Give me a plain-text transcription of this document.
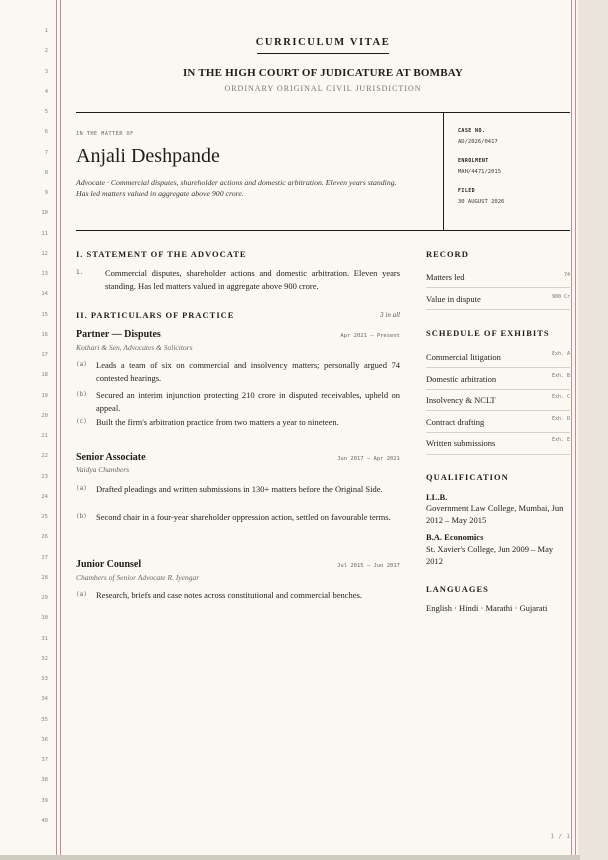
1
2
3
4
5
6
7
8
9
10
11
12
13
14
15
16
17
18
19
20
21
22
23
24
25
26
27
28
29
30
31
32
33
34
35
36
37
38
39
40
CURRICULUM VITAE
IN THE HIGH COURT OF JUDICATURE AT BOMBAY
ORDINARY ORIGINAL CIVIL JURISDICTION
IN THE MATTER OF
Anjali Deshpande
Advocate · Commercial disputes, shareholder actions and domestic arbitration. Eleven years standing. Has led matters valued in aggregate above 900 crore.
CASE NO.
AD/2026/0417
ENROLMENT
MAH/4471/2015
FILED
30 AUGUST 2026
I. STATEMENT OF THE ADVOCATE
1.	Commercial disputes, shareholder actions and domestic arbitration. Eleven years standing. Has led matters valued in aggregate above 900 crore.
II. PARTICULARS OF PRACTICE	3 in all
Partner — Disputes
Kothari & Sen, Advocates & Solicitors
Apr 2021 – Present
(a) Leads a team of six on commercial and insolvency matters; personally argued 74 contested hearings.
(b) Secured an interim injunction protecting 210 crore in disputed receivables, upheld on appeal.
(c) Built the firm's arbitration practice from two matters a year to nineteen.
Senior Associate
Vaidya Chambers
Jun 2017 – Apr 2021
(a) Drafted pleadings and written submissions in 130+ matters before the Original Side.
(b) Second chair in a four-year shareholder oppression action, settled on favourable terms.
Junior Counsel
Chambers of Senior Advocate R. Iyengar
Jul 2015 – Jun 2017
(a) Research, briefs and case notes across constitutional and commercial benches.
RECORD
Matters led	74
Value in dispute	900 Cr
SCHEDULE OF EXHIBITS
Commercial litigation	Exh. A
Domestic arbitration	Exh. B
Insolvency & NCLT	Exh. C
Contract drafting	Exh. D
Written submissions	Exh. E
QUALIFICATION
LL.B.
Government Law College, Mumbai, Jun 2012 – May 2015
B.A. Economics
St. Xavier's College, Jun 2009 – May 2012
LANGUAGES
English · Hindi · Marathi · Gujarati
1 / 1
